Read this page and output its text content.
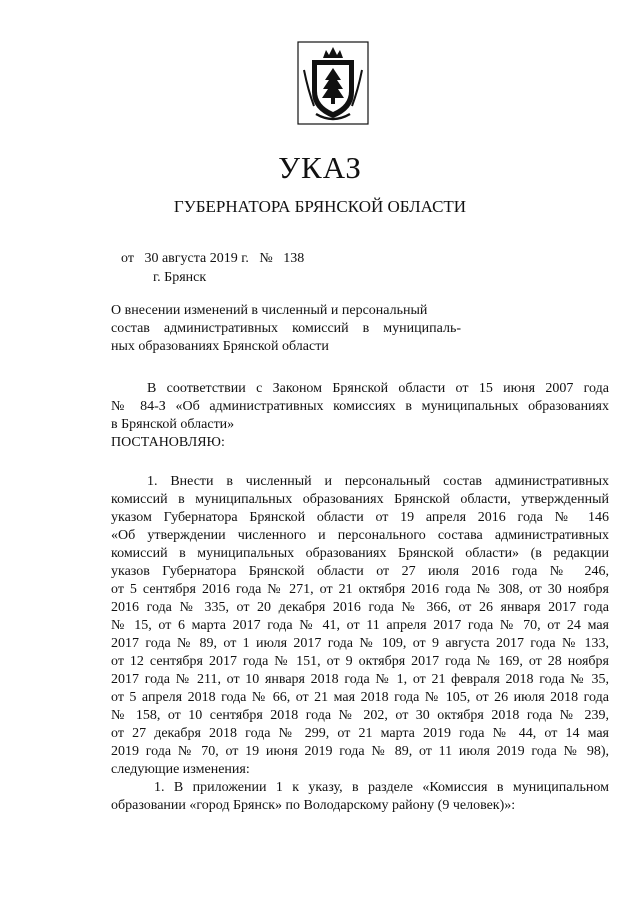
УКАЗ
ГУБЕРНАТОРА БРЯНСКОЙ ОБЛАСТИ
от 30 августа 2019 г. № 138
г. Брянск
О внесении изменений в численный и персональный
состав административных комиссий в муниципаль-
ных образованиях Брянской области
В соответствии с Законом Брянской области от 15 июня 2007 года
№ 84-З «Об административных комиссиях в муниципальных образованиях
в Брянской области»
ПОСТАНОВЛЯЮ:
1. Внести в численный и персональный состав административных
комиссий в муниципальных образованиях Брянской области, утвержденный
указом Губернатора Брянской области от 19 апреля 2016 года № 146
«Об утверждении численного и персонального состава административных
комиссий в муниципальных образованиях Брянской области» (в редакции
указов Губернатора Брянской области от 27 июля 2016 года № 246,
от 5 сентября 2016 года № 271, от 21 октября 2016 года № 308, от 30 ноября
2016 года № 335, от 20 декабря 2016 года № 366, от 26 января 2017 года
№ 15, от 6 марта 2017 года № 41, от 11 апреля 2017 года № 70, от 24 мая
2017 года № 89, от 1 июля 2017 года № 109, от 9 августа 2017 года № 133,
от 12 сентября 2017 года № 151, от 9 октября 2017 года № 169, от 28 ноября
2017 года № 211, от 10 января 2018 года № 1, от 21 февраля 2018 года № 35,
от 5 апреля 2018 года № 66, от 21 мая 2018 года № 105, от 26 июля 2018 года
№ 158, от 10 сентября 2018 года № 202, от 30 октября 2018 года № 239,
от 27 декабря 2018 года № 299, от 21 марта 2019 года № 44, от 14 мая
2019 года № 70, от 19 июня 2019 года № 89, от 11 июля 2019 года № 98),
следующие изменения:
1. В приложении 1 к указу, в разделе «Комиссия в муниципальном
образовании «город Брянск» по Володарскому району (9 человек)»:
